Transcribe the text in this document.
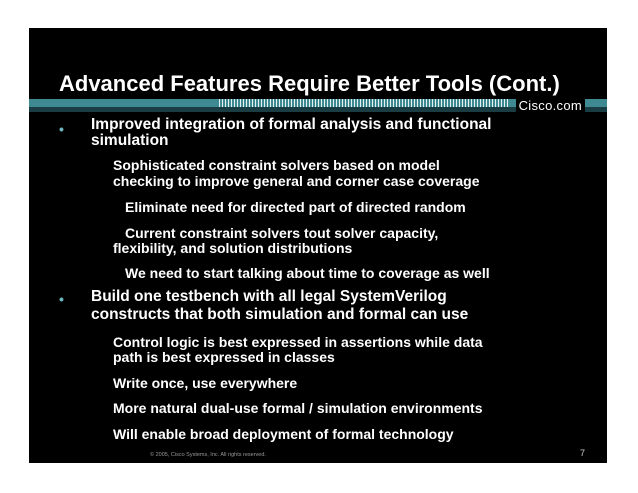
Advanced Features Require Better Tools (Cont.)
Cisco.com
• Improved integration of formal analysis and functional
simulation
Sophisticated constraint solvers based on model
checking to improve general and corner case coverage
Eliminate need for directed part of directed random
Current constraint solvers tout solver capacity,
flexibility, and solution distributions
We need to start talking about time to coverage as well
• Build one testbench with all legal SystemVerilog
constructs that both simulation and formal can use
Control logic is best expressed in assertions while data
path is best expressed in classes
Write once, use everywhere
More natural dual-use formal / simulation environments
Will enable broad deployment of formal technology
© 2005, Cisco Systems, Inc. All rights reserved.	7
